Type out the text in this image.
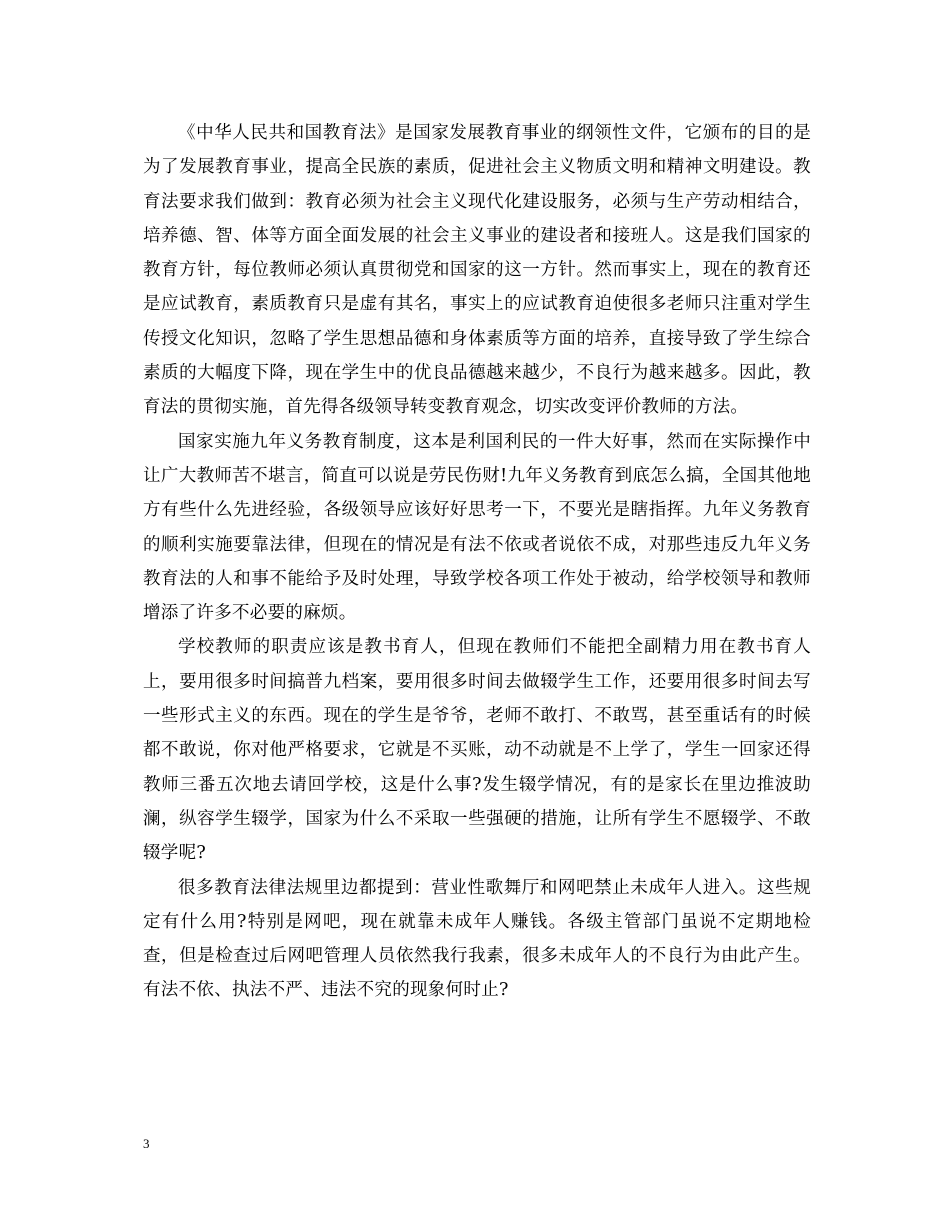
《中华人民共和国教育法》是国家发展教育事业的纲领性文件，它颁布的目的是为了发展教育事业，提高全民族的素质，促进社会主义物质文明和精神文明建设。教育法要求我们做到：教育必须为社会主义现代化建设服务，必须与生产劳动相结合，培养德、智、体等方面全面发展的社会主义事业的建设者和接班人。这是我们国家的教育方针，每位教师必须认真贯彻党和国家的这一方针。然而事实上，现在的教育还是应试教育，素质教育只是虚有其名，事实上的应试教育迫使很多老师只注重对学生传授文化知识，忽略了学生思想品德和身体素质等方面的培养，直接导致了学生综合素质的大幅度下降，现在学生中的优良品德越来越少，不良行为越来越多。因此，教育法的贯彻实施，首先得各级领导转变教育观念，切实改变评价教师的方法。

国家实施九年义务教育制度，这本是利国利民的一件大好事，然而在实际操作中让广大教师苦不堪言，简直可以说是劳民伤财!九年义务教育到底怎么搞，全国其他地方有些什么先进经验，各级领导应该好好思考一下，不要光是瞎指挥。九年义务教育的顺利实施要靠法律，但现在的情况是有法不依或者说依不成，对那些违反九年义务教育法的人和事不能给予及时处理，导致学校各项工作处于被动，给学校领导和教师增添了许多不必要的麻烦。

学校教师的职责应该是教书育人，但现在教师们不能把全副精力用在教书育人上，要用很多时间搞普九档案，要用很多时间去做辍学生工作，还要用很多时间去写一些形式主义的东西。现在的学生是爷爷，老师不敢打、不敢骂，甚至重话有的时候都不敢说，你对他严格要求，它就是不买账，动不动就是不上学了，学生一回家还得教师三番五次地去请回学校，这是什么事?发生辍学情况，有的是家长在里边推波助澜，纵容学生辍学，国家为什么不采取一些强硬的措施，让所有学生不愿辍学、不敢辍学呢?

很多教育法律法规里边都提到：营业性歌舞厅和网吧禁止未成年人进入。这些规定有什么用?特别是网吧，现在就靠未成年人赚钱。各级主管部门虽说不定期地检查，但是检查过后网吧管理人员依然我行我素，很多未成年人的不良行为由此产生。有法不依、执法不严、违法不究的现象何时止?

3
